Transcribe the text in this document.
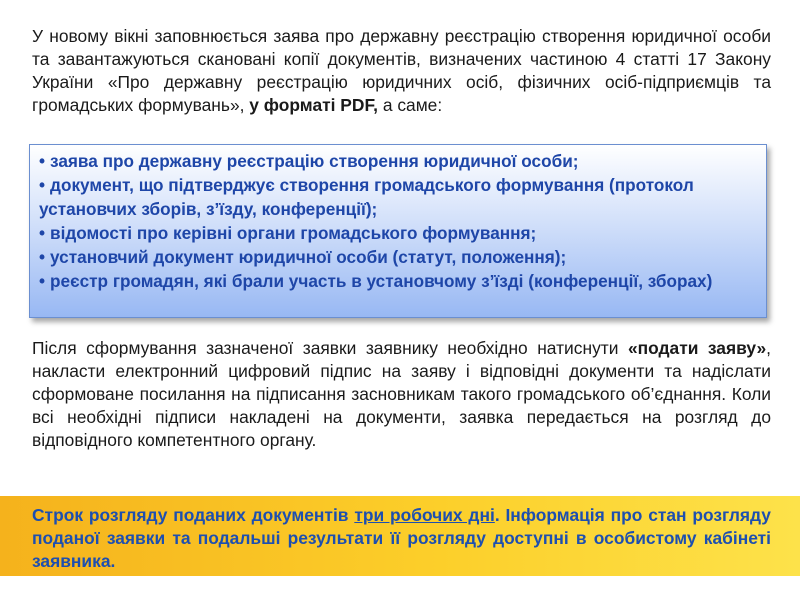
У новому вікні заповнюється заява про державну реєстрацію створення юридичної особи та завантажуються скановані копії документів, визначених частиною 4 статті 17 Закону України «Про державну реєстрацію юридичних осіб, фізичних осіб-підприємців та громадських формувань», у форматі PDF, а саме:

• заява про державну реєстрацію створення юридичної особи;
• документ, що підтверджує створення громадського формування (протокол установчих зборів, з’їзду, конференції);
• відомості про керівні органи громадського формування;
• установчий документ юридичної особи (статут, положення);
• реєстр громадян, які брали участь в установчому з’їзді (конференції, зборах)

Після сформування зазначеної заявки заявнику необхідно натиснути «подати заяву», накласти електронний цифровий підпис на заяву і відповідні документи та надіслати сформоване посилання на підписання засновникам такого громадського об’єднання. Коли всі необхідні підписи накладені на документи, заявка передається на розгляд до відповідного компетентного органу.

Строк розгляду поданих документів три робочих дні. Інформація про стан розгляду поданої заявки та подальші результати її розгляду доступні в особистому кабінеті заявника.
